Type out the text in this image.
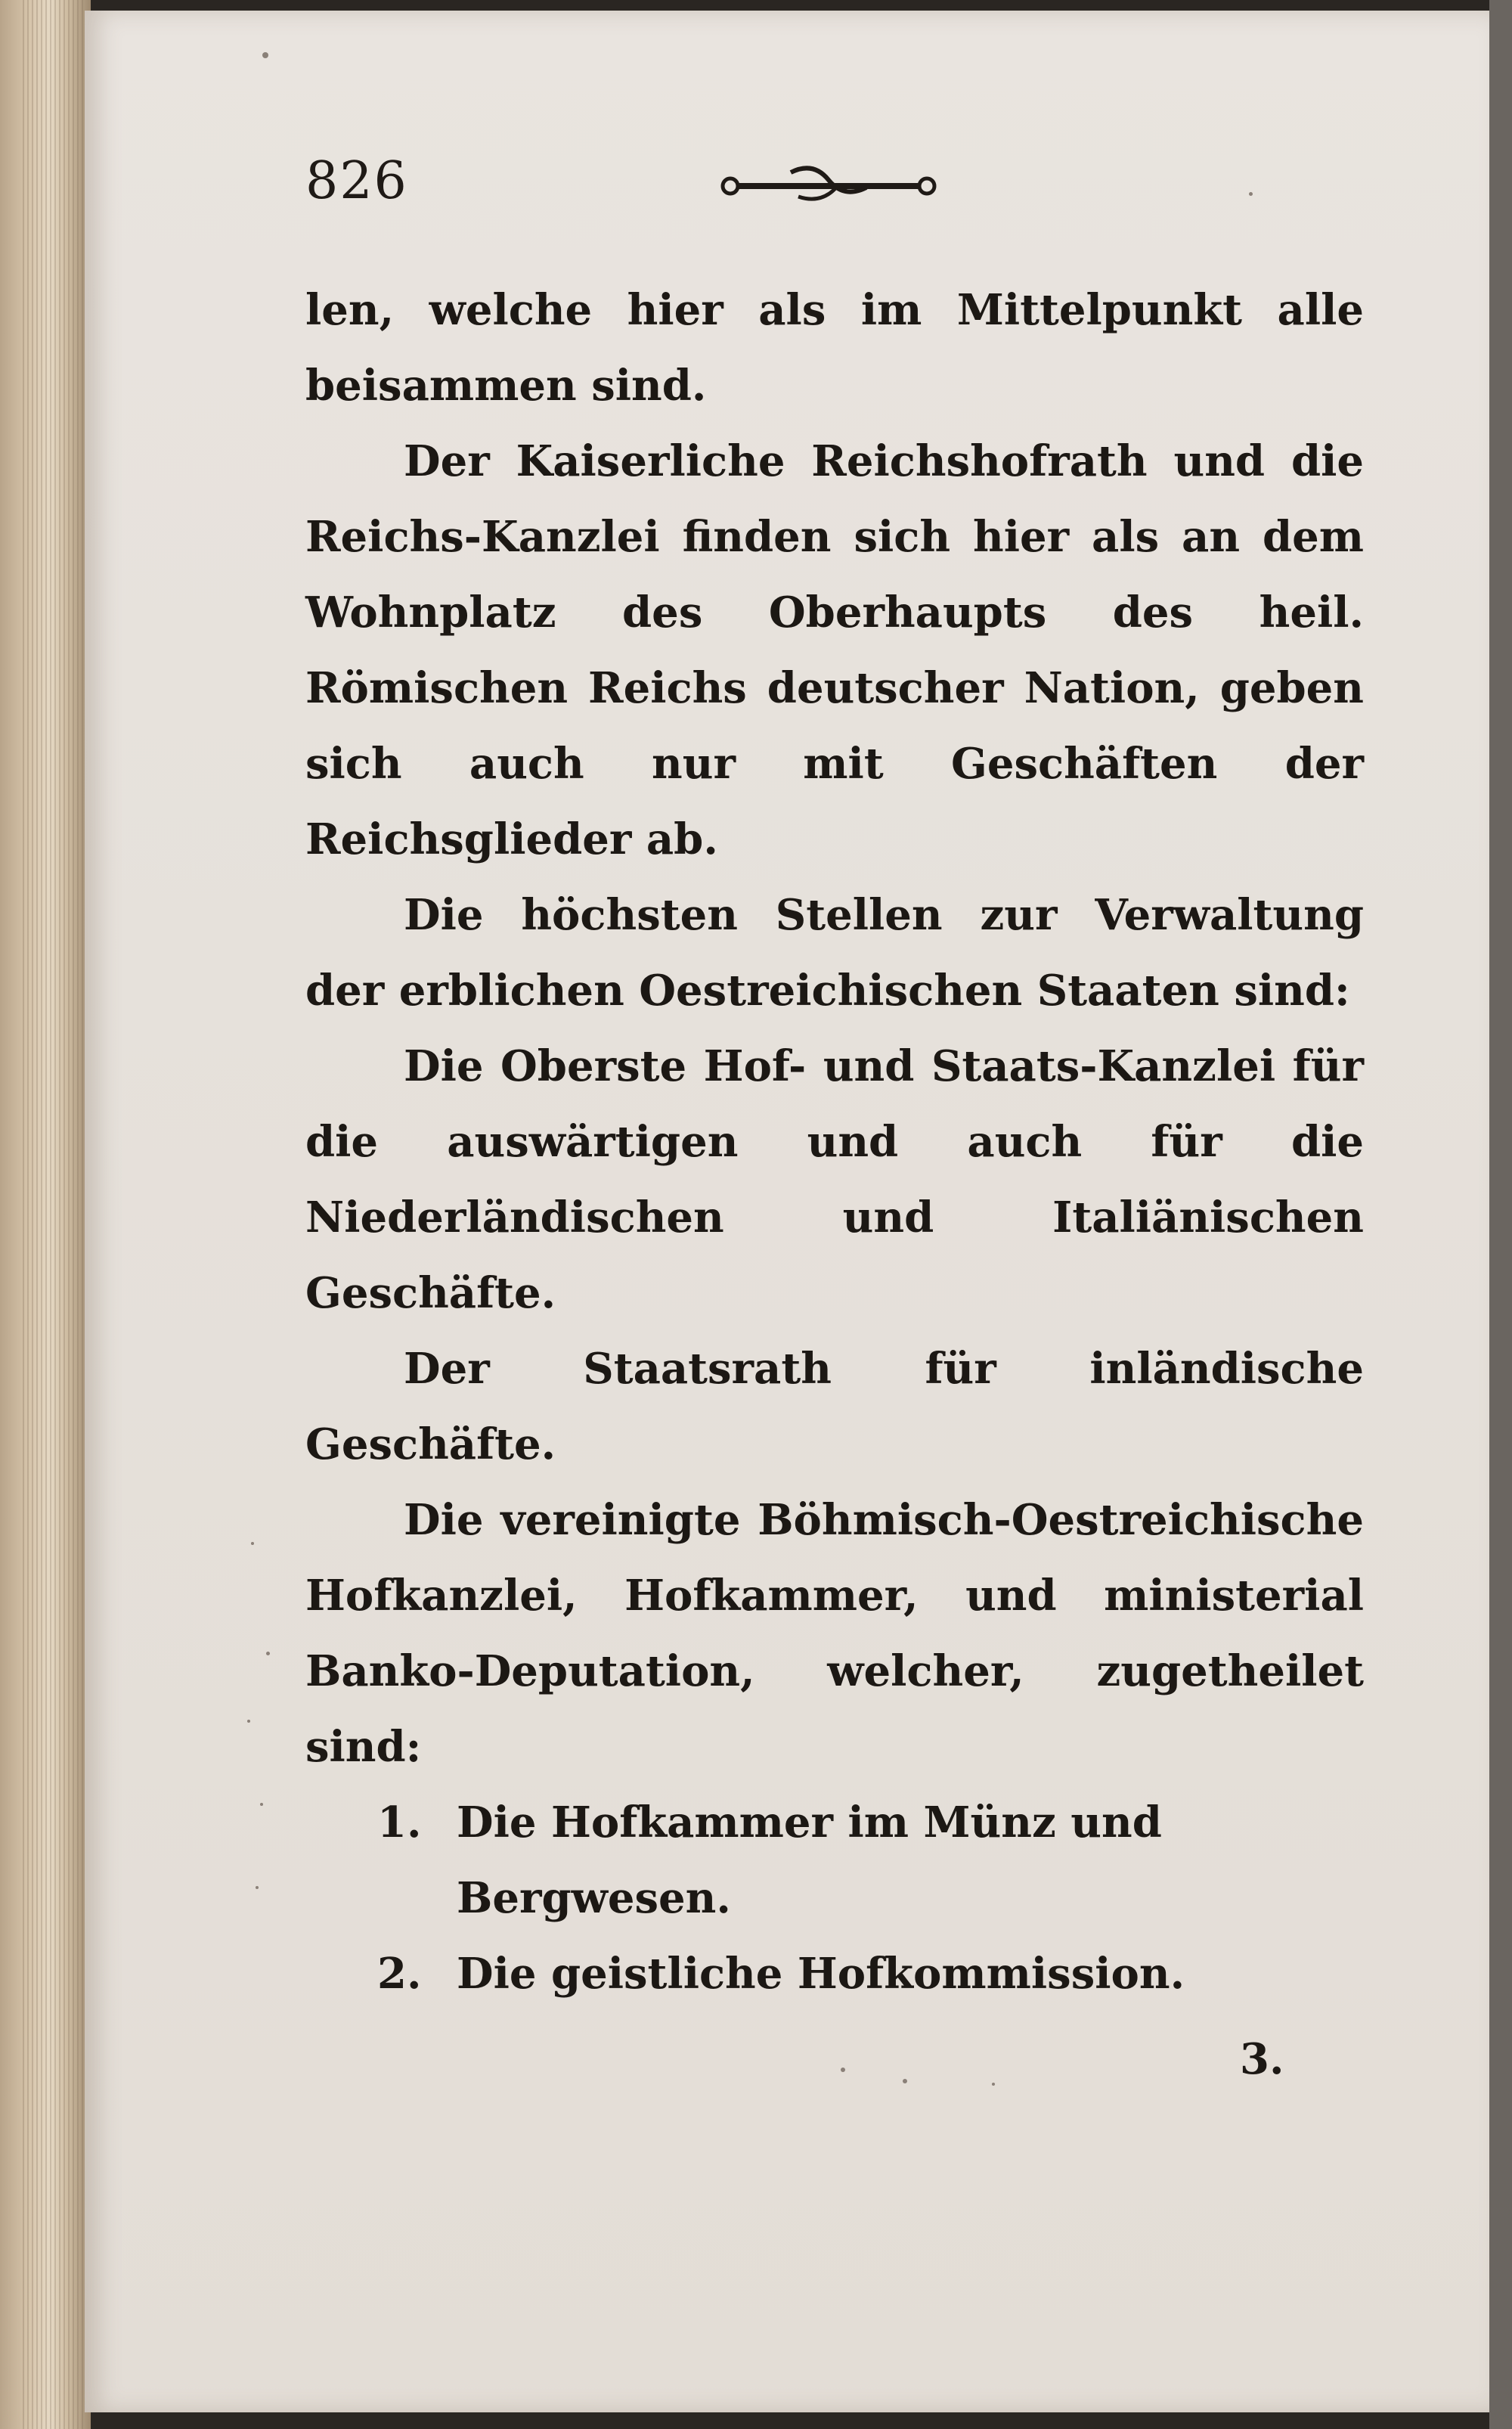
826

len, welche hier als im Mittelpunkt alle beisammen sind.

Der Kaiserliche Reichshofrath und die Reichs-Kanzlei finden sich hier als an dem Wohnplatz des Oberhaupts des heil. Römischen Reichs deutscher Nation, geben sich auch nur mit Geschäften der Reichsglieder ab.

Die höchsten Stellen zur Verwaltung der erblichen Oestreichischen Staaten sind:

Die Oberste Hof- und Staats-Kanzlei für die auswärtigen und auch für die Niederländischen und Italiänischen Geschäfte.

Der Staatsrath für inländische Geschäfte.

Die vereinigte Böhmisch-Oestreichische Hofkanzlei, Hofkammer, und ministerial Banko-Deputation, welcher, zugetheilet sind:

1. Die Hofkammer im Münz und Bergwesen.

2. Die geistliche Hofkommission.

3.
